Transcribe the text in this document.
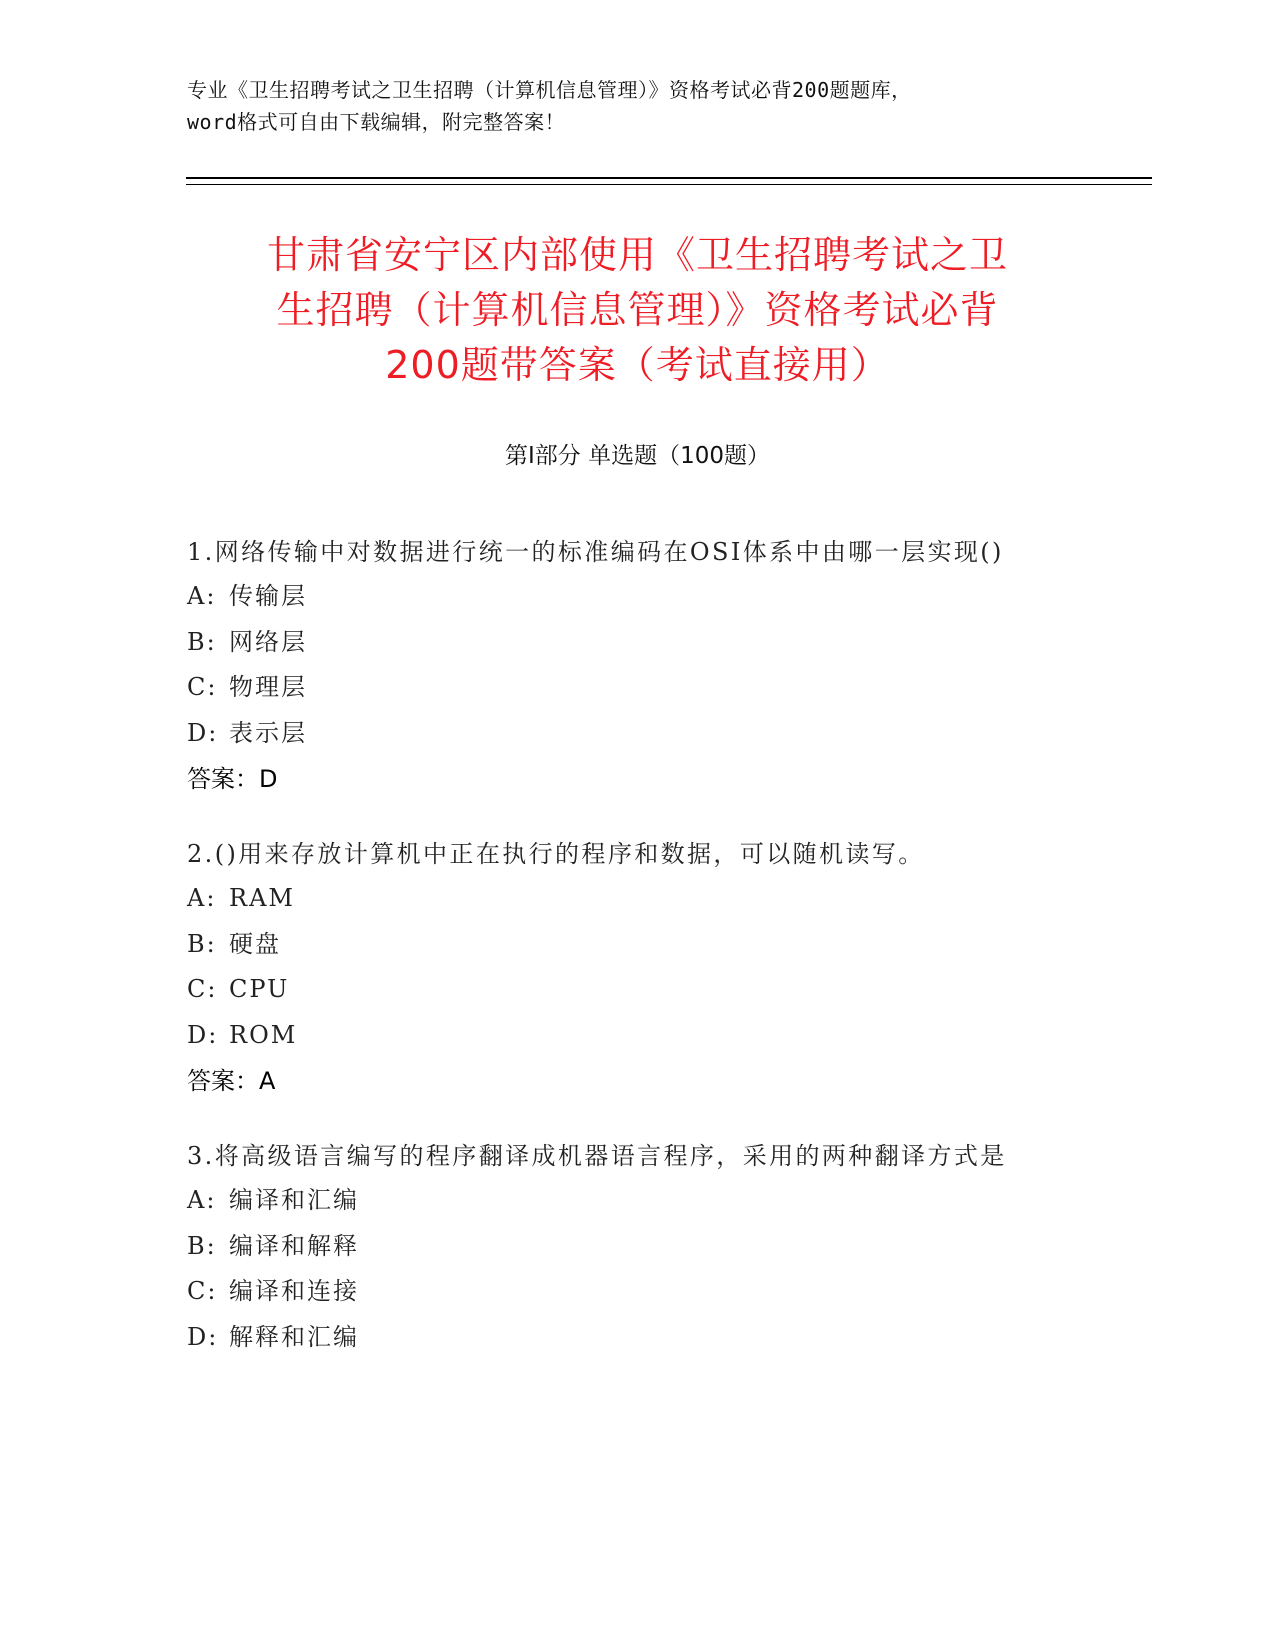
专业《卫生招聘考试之卫生招聘（计算机信息管理）》资格考试必背200题题库，
word格式可自由下载编辑，附完整答案！
甘肃省安宁区内部使用《卫生招聘考试之卫
生招聘（计算机信息管理）》资格考试必背
200题带答案（考试直接用）
第Ⅰ部分 单选题（100题）
1.网络传输中对数据进行统一的标准编码在OSI体系中由哪一层实现()
A: 传输层
B: 网络层
C: 物理层
D: 表示层
答案：D
2.()用来存放计算机中正在执行的程序和数据，可以随机读写。
A: RAM
B: 硬盘
C: CPU
D: ROM
答案：A
3.将高级语言编写的程序翻译成机器语言程序，采用的两种翻译方式是
A: 编译和汇编
B: 编译和解释
C: 编译和连接
D: 解释和汇编
